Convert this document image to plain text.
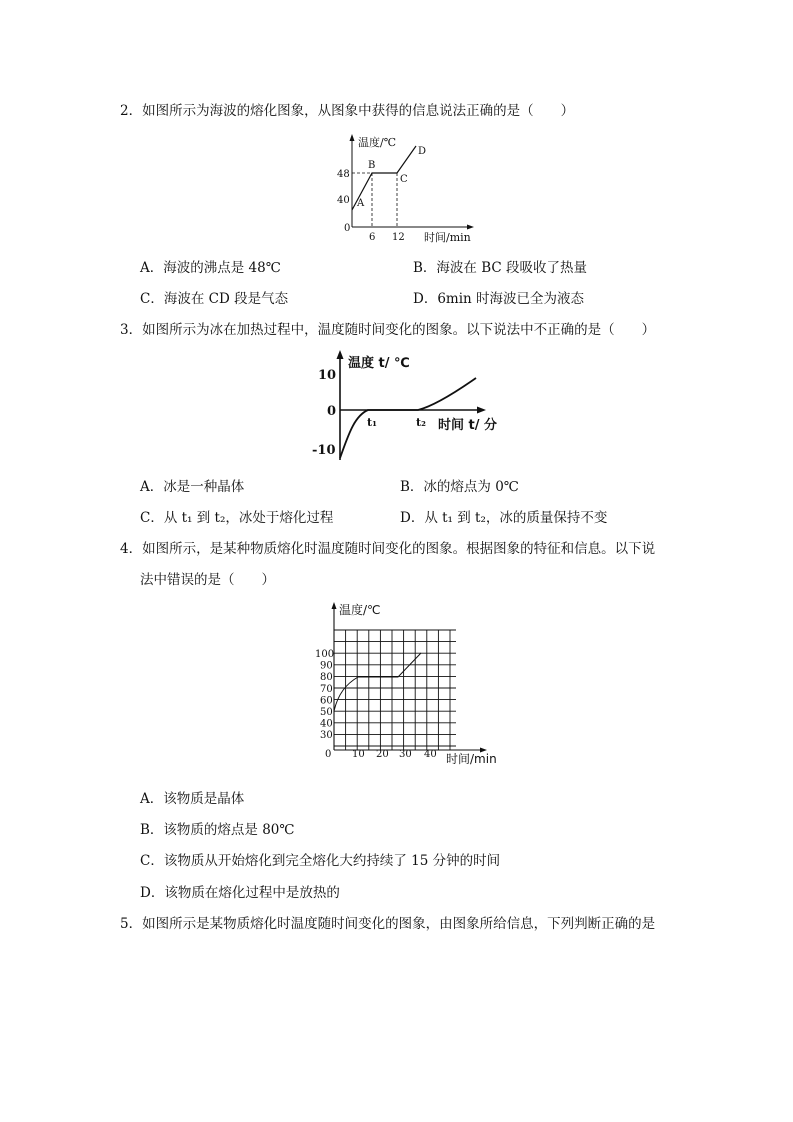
2．如图所示为海波的熔化图象，从图象中获得的信息说法正确的是（　　）
温度/℃
时间/min
48
40
0
6 12
A
B
C
D
A．海波的沸点是 48℃	B．海波在 BC 段吸收了热量
C．海波在 CD 段是气态	D．6min 时海波已全为液态
3．如图所示为冰在加热过程中，温度随时间变化的图象。以下说法中不正确的是（　　）
温度 t/ ℃
时间 t/ 分
10
0
-10
t₁	t₂
A．冰是一种晶体	B．冰的熔点为 0℃
C．从 t₁ 到 t₂，冰处于熔化过程	D．从 t₁ 到 t₂，冰的质量保持不变
4．如图所示，是某种物质熔化时温度随时间变化的图象。根据图象的特征和信息。以下说
法中错误的是（　　）
温度/℃
时间/min
100
90
80
70
60
50
40
30
0 10 20 30 40
A．该物质是晶体
B．该物质的熔点是 80℃
C．该物质从开始熔化到完全熔化大约持续了 15 分钟的时间
D．该物质在熔化过程中是放热的
5．如图所示是某物质熔化时温度随时间变化的图象，由图象所给信息，下列判断正确的是
